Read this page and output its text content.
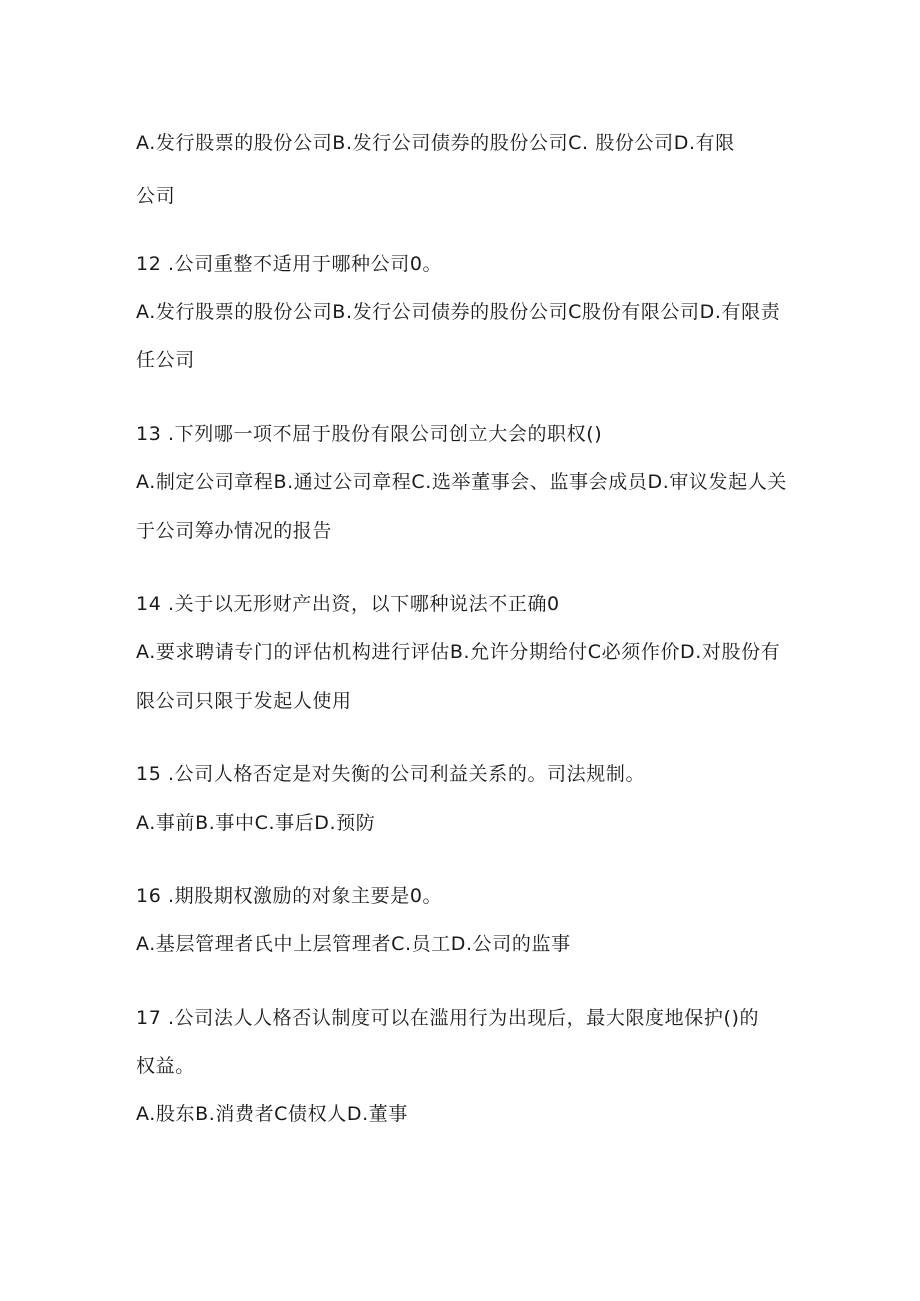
A.发行股票的股份公司B.发行公司债券的股份公司C. 股份公司D.有限
公司
12 .公司重整不适用于哪种公司0。
A.发行股票的股份公司B.发行公司债券的股份公司C股份有限公司D.有限责
任公司
13 .下列哪一项不屈于股份有限公司创立大会的职权()
A.制定公司章程B.通过公司章程C.选举董事会、监事会成员D.审议发起人关
于公司筹办情况的报告
14 .关于以无形财产出资，以下哪种说法不正确0
A.要求聘请专门的评估机构进行评估B.允许分期给付C必须作价D.对股份有
限公司只限于发起人使用
15 .公司人格否定是对失衡的公司利益关系的。司法规制。
A.事前B.事中C.事后D.预防
16 .期股期权激励的对象主要是0。
A.基层管理者氏中上层管理者C.员工D.公司的监事
17 .公司法人人格否认制度可以在滥用行为出现后，最大限度地保护()的
权益。
A.股东B.消费者C债权人D.董事
